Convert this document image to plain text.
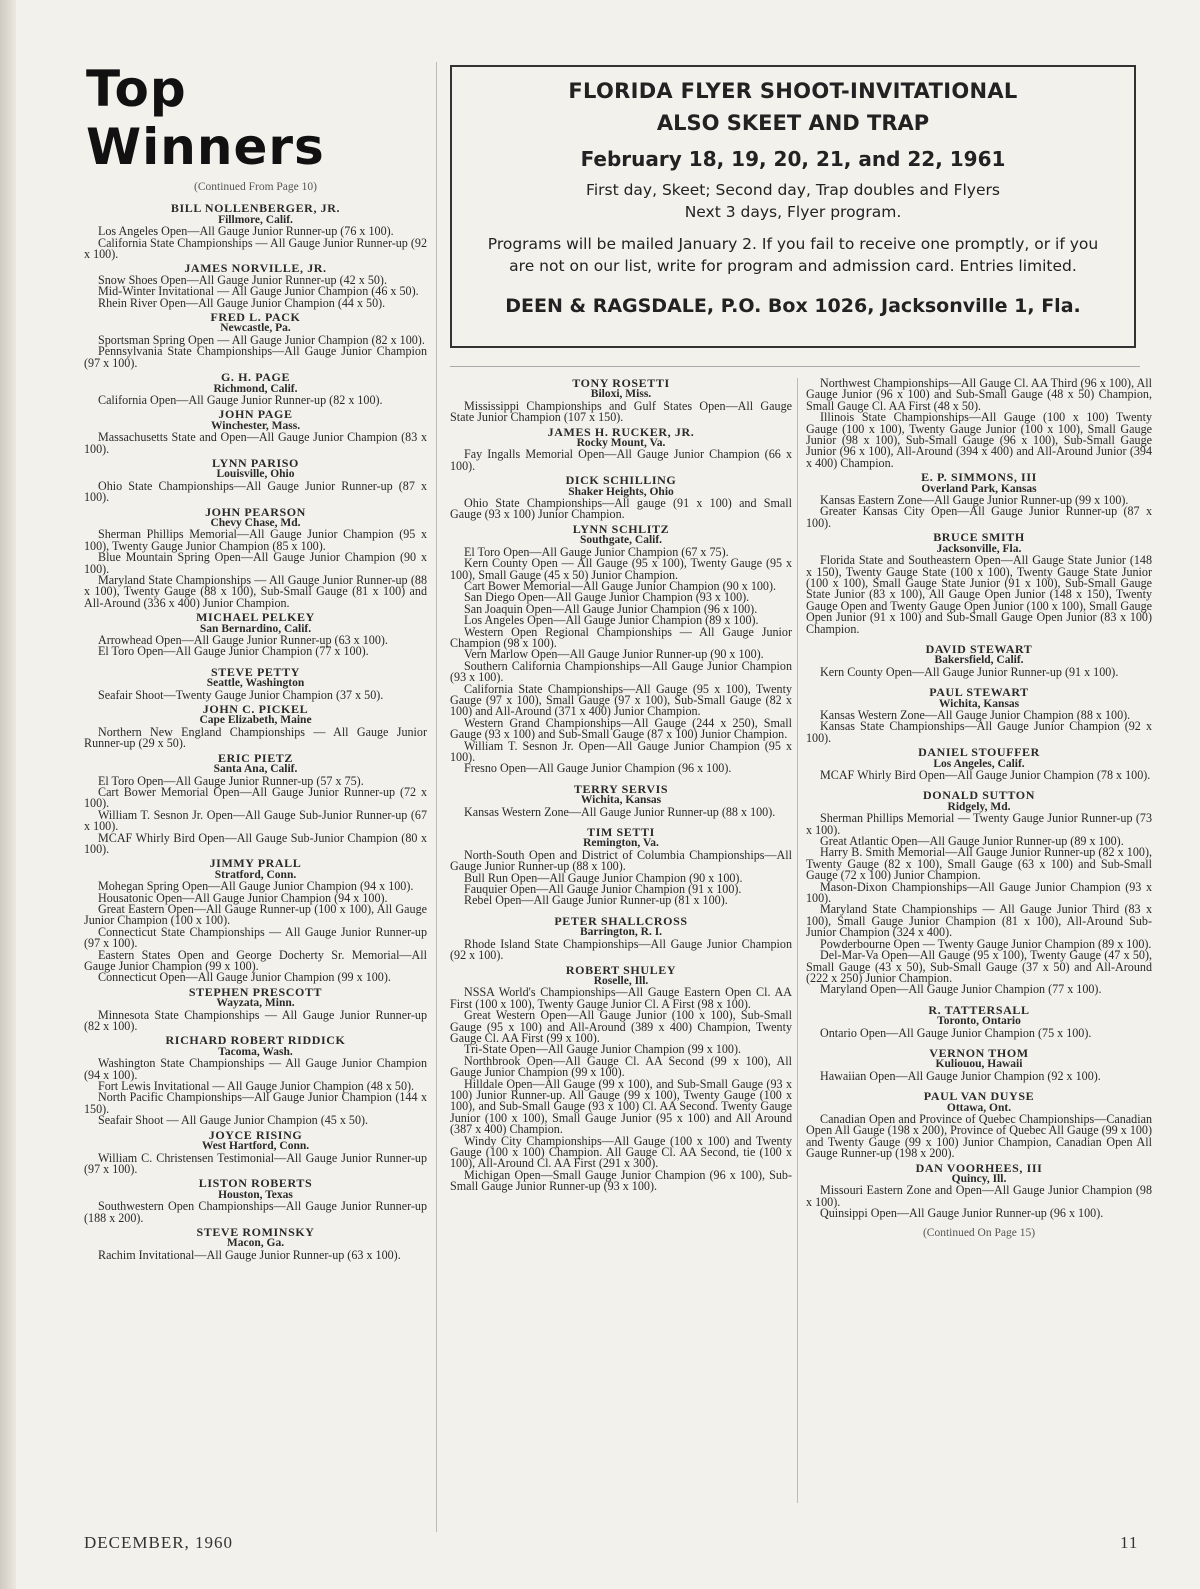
Top Winners
(Continued From Page 10)
BILL NOLLENBERGER, JR.
Fillmore, Calif.
Los Angeles Open—All Gauge Junior Runner-up (76 x 100).
California State Championships — All Gauge Junior Runner-up (92 x 100).
JAMES NORVILLE, JR.
Snow Shoes Open—All Gauge Junior Runner-up (42 x 50).
Mid-Winter Invitational — All Gauge Junior Champion (46 x 50).
Rhein River Open—All Gauge Junior Champion (44 x 50).
FRED L. PACK
Newcastle, Pa.
Sportsman Spring Open — All Gauge Junior Champion (82 x 100).
Pennsylvania State Championships—All Gauge Junior Champion (97 x 100).
G. H. PAGE
Richmond, Calif.
California Open—All Gauge Junior Runner-up (82 x 100).
JOHN PAGE
Winchester, Mass.
Massachusetts State and Open—All Gauge Junior Champion (83 x 100).
LYNN PARISO
Louisville, Ohio
Ohio State Championships—All Gauge Junior Runner-up (87 x 100).
JOHN PEARSON
Chevy Chase, Md.
Sherman Phillips Memorial—All Gauge Junior Champion (95 x 100), Twenty Gauge Junior Champion (85 x 100).
Blue Mountain Spring Open—All Gauge Junior Champion (90 x 100).
Maryland State Championships — All Gauge Junior Runner-up (88 x 100), Twenty Gauge (88 x 100), Sub-Small Gauge (81 x 100) and All-Around (336 x 400) Junior Champion.
MICHAEL PELKEY
San Bernardino, Calif.
Arrowhead Open—All Gauge Junior Runner-up (63 x 100).
El Toro Open—All Gauge Junior Champion (77 x 100).
STEVE PETTY
Seattle, Washington
Seafair Shoot—Twenty Gauge Junior Champion (37 x 50).
JOHN C. PICKEL
Cape Elizabeth, Maine
Northern New England Championships — All Gauge Junior Runner-up (29 x 50).
ERIC PIETZ
Santa Ana, Calif.
El Toro Open—All Gauge Junior Runner-up (57 x 75).
Cart Bower Memorial Open—All Gauge Junior Runner-up (72 x 100).
William T. Sesnon Jr. Open—All Gauge Sub-Junior Runner-up (67 x 100).
MCAF Whirly Bird Open—All Gauge Sub-Junior Champion (80 x 100).
JIMMY PRALL
Stratford, Conn.
Mohegan Spring Open—All Gauge Junior Champion (94 x 100).
Housatonic Open—All Gauge Junior Champion (94 x 100).
Great Eastern Open—All Gauge Runner-up (100 x 100), All Gauge Junior Champion (100 x 100).
Connecticut State Championships — All Gauge Junior Runner-up (97 x 100).
Eastern States Open and George Docherty Sr. Memorial—All Gauge Junior Champion (99 x 100).
Connecticut Open—All Gauge Junior Champion (99 x 100).
STEPHEN PRESCOTT
Wayzata, Minn.
Minnesota State Championships — All Gauge Junior Runner-up (82 x 100).
RICHARD ROBERT RIDDICK
Tacoma, Wash.
Washington State Championships — All Gauge Junior Champion (94 x 100).
Fort Lewis Invitational — All Gauge Junior Champion (48 x 50).
North Pacific Championships—All Gauge Junior Champion (144 x 150).
Seafair Shoot — All Gauge Junior Champion (45 x 50).
JOYCE RISING
West Hartford, Conn.
William C. Christensen Testimonial—All Gauge Junior Runner-up (97 x 100).
LISTON ROBERTS
Houston, Texas
Southwestern Open Championships—All Gauge Junior Runner-up (188 x 200).
STEVE ROMINSKY
Macon, Ga.
Rachim Invitational—All Gauge Junior Runner-up (63 x 100).
FLORIDA FLYER SHOOT-INVITATIONAL
ALSO SKEET AND TRAP
February 18, 19, 20, 21, and 22, 1961
First day, Skeet; Second day, Trap doubles and Flyers
Next 3 days, Flyer program.
Programs will be mailed January 2. If you fail to receive one promptly, or if you are not on our list, write for program and admission card. Entries limited.
DEEN & RAGSDALE, P.O. Box 1026, Jacksonville 1, Fla.
TONY ROSETTI
Biloxi, Miss.
Mississippi Championships and Gulf States Open—All Gauge State Junior Champion (107 x 150).
JAMES H. RUCKER, JR.
Rocky Mount, Va.
Fay Ingalls Memorial Open—All Gauge Junior Champion (66 x 100).
DICK SCHILLING
Shaker Heights, Ohio
Ohio State Championships—All gauge (91 x 100) and Small Gauge (93 x 100) Junior Champion.
LYNN SCHLITZ
Southgate, Calif.
El Toro Open—All Gauge Junior Champion (67 x 75).
Kern County Open — All Gauge (95 x 100), Twenty Gauge (95 x 100), Small Gauge (45 x 50) Junior Champion.
Cart Bower Memorial—All Gauge Junior Champion (90 x 100).
San Diego Open—All Gauge Junior Champion (93 x 100).
San Joaquin Open—All Gauge Junior Champion (96 x 100).
Los Angeles Open—All Gauge Junior Champion (89 x 100).
Western Open Regional Championships — All Gauge Junior Champion (98 x 100).
Vern Marlow Open—All Gauge Junior Runner-up (90 x 100).
Southern California Championships—All Gauge Junior Champion (93 x 100).
California State Championships—All Gauge (95 x 100), Twenty Gauge (97 x 100), Small Gauge (97 x 100), Sub-Small Gauge (82 x 100) and All-Around (371 x 400) Junior Champion.
Western Grand Championships—All Gauge (244 x 250), Small Gauge (93 x 100) and Sub-Small Gauge (87 x 100) Junior Champion.
William T. Sesnon Jr. Open—All Gauge Junior Champion (95 x 100).
Fresno Open—All Gauge Junior Champion (96 x 100).
TERRY SERVIS
Wichita, Kansas
Kansas Western Zone—All Gauge Junior Runner-up (88 x 100).
TIM SETTI
Remington, Va.
North-South Open and District of Columbia Championships—All Gauge Junior Runner-up (88 x 100).
Bull Run Open—All Gauge Junior Champion (90 x 100).
Fauquier Open—All Gauge Junior Champion (91 x 100).
Rebel Open—All Gauge Junior Runner-up (81 x 100).
PETER SHALLCROSS
Barrington, R. I.
Rhode Island State Championships—All Gauge Junior Champion (92 x 100).
ROBERT SHULEY
Roselle, Ill.
NSSA World's Championships—All Gauge Eastern Open Cl. AA First (100 x 100), Twenty Gauge Junior Cl. A First (98 x 100).
Great Western Open—All Gauge Junior (100 x 100), Sub-Small Gauge (95 x 100) and All-Around (389 x 400) Champion, Twenty Gauge Cl. AA First (99 x 100).
Tri-State Open—All Gauge Junior Champion (99 x 100).
Northbrook Open—All Gauge Cl. AA Second (99 x 100), All Gauge Junior Champion (99 x 100).
Hilldale Open—All Gauge (99 x 100), and Sub-Small Gauge (93 x 100) Junior Runner-up. All Gauge (99 x 100), Twenty Gauge (100 x 100), and Sub-Small Gauge (93 x 100) Cl. AA Second. Twenty Gauge Junior (100 x 100), Small Gauge Junior (95 x 100) and All Around (387 x 400) Champion.
Windy City Championships—All Gauge (100 x 100) and Twenty Gauge (100 x 100) Champion. All Gauge Cl. AA Second, tie (100 x 100), All-Around Cl. AA First (291 x 300).
Michigan Open—Small Gauge Junior Champion (96 x 100), Sub-Small Gauge Junior Runner-up (93 x 100).
Northwest Championships—All Gauge Cl. AA Third (96 x 100), All Gauge Junior (96 x 100) and Sub-Small Gauge (48 x 50) Champion, Small Gauge Cl. AA First (48 x 50).
Illinois State Championships—All Gauge (100 x 100) Twenty Gauge (100 x 100), Twenty Gauge Junior (100 x 100), Small Gauge Junior (98 x 100), Sub-Small Gauge (96 x 100), Sub-Small Gauge Junior (96 x 100), All-Around (394 x 400) and All-Around Junior (394 x 400) Champion.
E. P. SIMMONS, III
Overland Park, Kansas
Kansas Eastern Zone—All Gauge Junior Runner-up (99 x 100).
Greater Kansas City Open—All Gauge Junior Runner-up (87 x 100).
BRUCE SMITH
Jacksonville, Fla.
Florida State and Southeastern Open—All Gauge State Junior (148 x 150), Twenty Gauge State (100 x 100), Twenty Gauge State Junior (100 x 100), Small Gauge State Junior (91 x 100), Sub-Small Gauge State Junior (83 x 100), All Gauge Open Junior (148 x 150), Twenty Gauge Open and Twenty Gauge Open Junior (100 x 100), Small Gauge Open Junior (91 x 100) and Sub-Small Gauge Open Junior (83 x 100) Champion.
DAVID STEWART
Bakersfield, Calif.
Kern County Open—All Gauge Junior Runner-up (91 x 100).
PAUL STEWART
Wichita, Kansas
Kansas Western Zone—All Gauge Junior Champion (88 x 100).
Kansas State Championships—All Gauge Junior Champion (92 x 100).
DANIEL STOUFFER
Los Angeles, Calif.
MCAF Whirly Bird Open—All Gauge Junior Champion (78 x 100).
DONALD SUTTON
Ridgely, Md.
Sherman Phillips Memorial — Twenty Gauge Junior Runner-up (73 x 100).
Great Atlantic Open—All Gauge Junior Runner-up (89 x 100).
Harry B. Smith Memorial—All Gauge Junior Runner-up (82 x 100), Twenty Gauge (82 x 100), Small Gauge (63 x 100) and Sub-Small Gauge (72 x 100) Junior Champion.
Mason-Dixon Championships—All Gauge Junior Champion (93 x 100).
Maryland State Championships — All Gauge Junior Third (83 x 100), Small Gauge Junior Champion (81 x 100), All-Around Sub-Junior Champion (324 x 400).
Powderbourne Open — Twenty Gauge Junior Champion (89 x 100).
Del-Mar-Va Open—All Gauge (95 x 100), Twenty Gauge (47 x 50), Small Gauge (43 x 50), Sub-Small Gauge (37 x 50) and All-Around (222 x 250) Junior Champion.
Maryland Open—All Gauge Junior Champion (77 x 100).
R. TATTERSALL
Toronto, Ontario
Ontario Open—All Gauge Junior Champion (75 x 100).
VERNON THOM
Kuliouou, Hawaii
Hawaiian Open—All Gauge Junior Champion (92 x 100).
PAUL VAN DUYSE
Ottawa, Ont.
Canadian Open and Province of Quebec Championships—Canadian Open All Gauge (198 x 200), Province of Quebec All Gauge (99 x 100) and Twenty Gauge (99 x 100) Junior Champion, Canadian Open All Gauge Runner-up (198 x 200).
DAN VOORHEES, III
Quincy, Ill.
Missouri Eastern Zone and Open—All Gauge Junior Champion (98 x 100).
Quinsippi Open—All Gauge Junior Runner-up (96 x 100).
(Continued On Page 15)
DECEMBER, 1960	11
